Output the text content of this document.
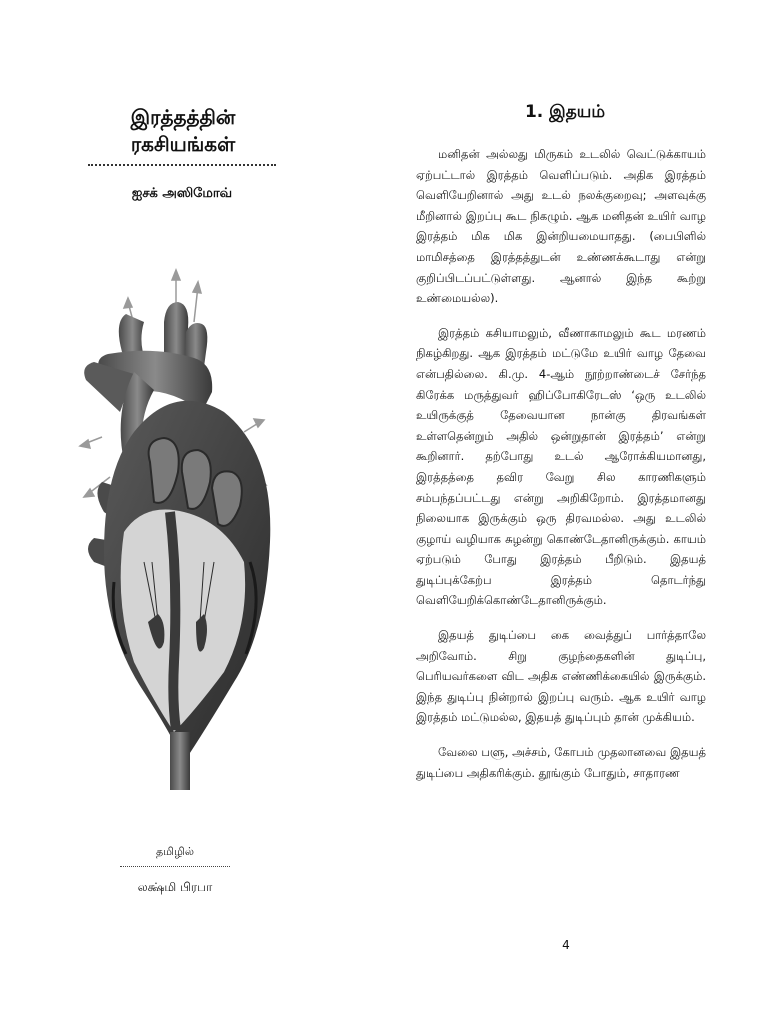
இரத்தத்தின் ரகசியங்கள்
ஐசக் அஸிமோவ்
தமிழில்
லக்ஷ்மி பிரபா
1. இதயம்

மனிதன் அல்லது மிருகம் உடலில் வெட்டுக்காயம் ஏற்பட்டால் இரத்தம் வெளிப்படும். அதிக இரத்தம் வெளியேறினால் அது உடல் நலக்குறைவு; அளவுக்கு மீறினால் இறப்பு கூட நிகழும். ஆக மனிதன் உயிர் வாழ இரத்தம் மிக மிக இன்றியமையாதது. (பைபிளில் மாமிசத்தை இரத்தத்துடன் உண்ணக்கூடாது என்று குறிப்பிடப்பட்டுள்ளது. ஆனால் இந்த கூற்று உண்மையல்ல).

இரத்தம் கசியாமலும், வீணாகாமலும் கூட மரணம் நிகழ்கிறது. ஆக இரத்தம் மட்டுமே உயிர் வாழ தேவை என்பதில்லை. கி.மு. 4-ஆம் நூற்றாண்டைச் சேர்ந்த கிரேக்க மருத்துவர் ஹிப்போகிரேடஸ் ‘ஒரு உடலில் உயிருக்குத் தேவையான நான்கு திரவங்கள் உள்ளதென்றும் அதில் ஒன்றுதான் இரத்தம்’ என்று கூறினார். தற்போது உடல் ஆரோக்கியமானது, இரத்தத்தை தவிர வேறு சில காரணிகளும் சம்பந்தப்பட்டது என்று அறிகிறோம். இரத்தமானது நிலையாக இருக்கும் ஒரு திரவமல்ல. அது உடலில் குழாய் வழியாக சுழன்று கொண்டேதானிருக்கும். காயம் ஏற்படும் போது இரத்தம் பீறிடும். இதயத் துடிப்புக்கேற்ப இரத்தம் தொடர்ந்து வெளியேறிக்கொண்டேதானிருக்கும்.

இதயத் துடிப்பை கை வைத்துப் பார்த்தாலே அறிவோம். சிறு குழந்தைகளின் துடிப்பு, பெரியவர்களை விட அதிக எண்ணிக்கையில் இருக்கும். இந்த துடிப்பு நின்றால் இறப்பு வரும். ஆக உயிர் வாழ இரத்தம் மட்டுமல்ல, இதயத் துடிப்பும் தான் முக்கியம்.

வேலை பளு, அச்சம், கோபம் முதலானவை இதயத் துடிப்பை அதிகரிக்கும். தூங்கும் போதும், சாதாரண

4
